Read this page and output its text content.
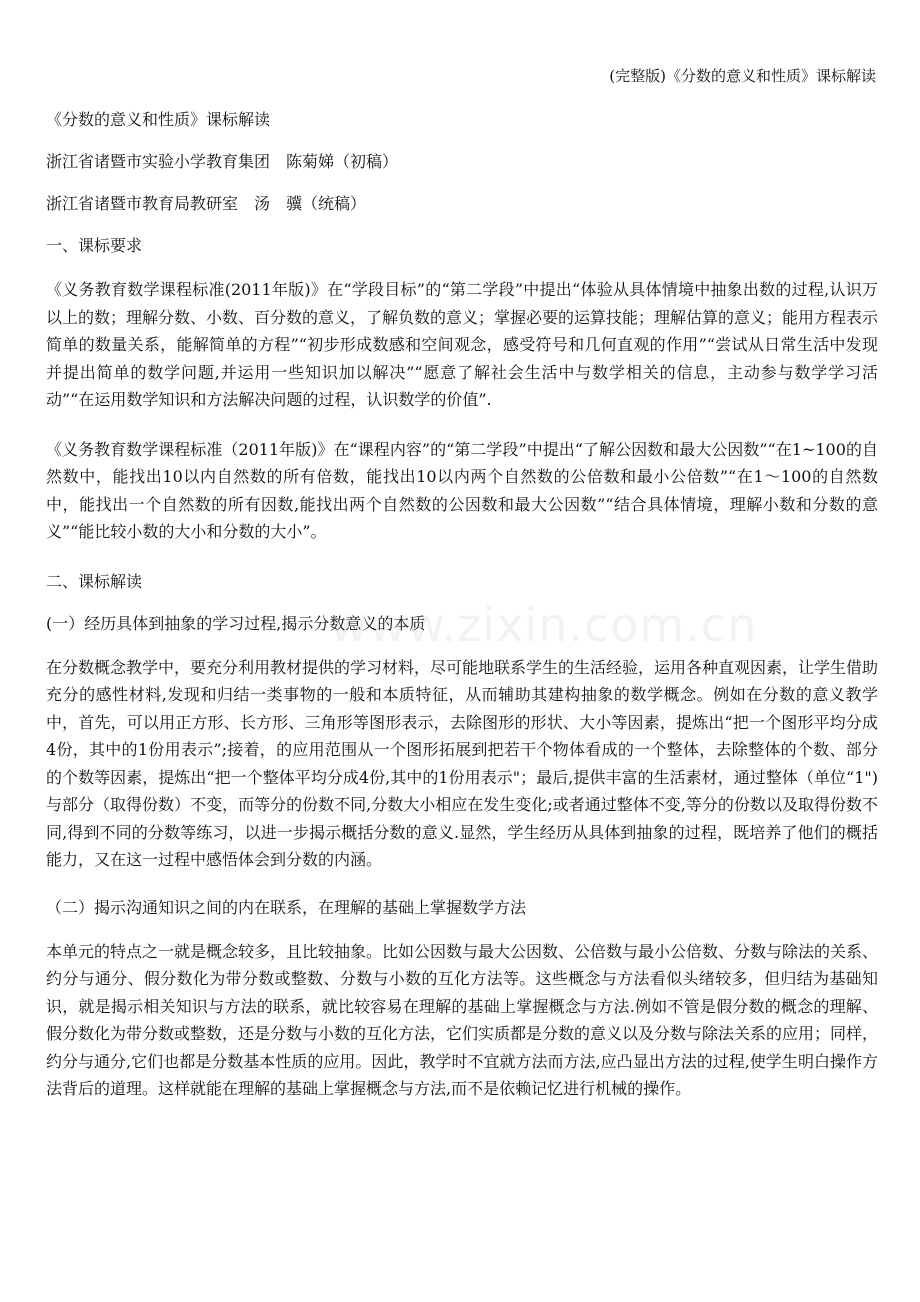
(完整版)《分数的意义和性质》课标解读

《分数的意义和性质》课标解读

浙江省诸暨市实验小学教育集团　陈菊娣（初稿）

浙江省诸暨市教育局教研室　汤　骥（统稿）

一、课标要求

《义务教育数学课程标准(2011年版)》在“学段目标”的“第二学段”中提出“体验从具体情境中抽象出数的过程,认识万以上的数；理解分数、小数、百分数的意义，了解负数的意义；掌握必要的运算技能；理解估算的意义；能用方程表示简单的数量关系，能解简单的方程”“初步形成数感和空间观念，感受符号和几何直观的作用”“尝试从日常生活中发现并提出简单的数学问题,并运用一些知识加以解决”“愿意了解社会生活中与数学相关的信息，主动参与数学学习活动”“在运用数学知识和方法解决问题的过程，认识数学的价值”.

《义务教育数学课程标准（2011年版)》在“课程内容”的“第二学段”中提出“了解公因数和最大公因数”“在1~100的自然数中，能找出10以内自然数的所有倍数，能找出10以内两个自然数的公倍数和最小公倍数”“在1～100的自然数中，能找出一个自然数的所有因数,能找出两个自然数的公因数和最大公因数”“结合具体情境，理解小数和分数的意义”“能比较小数的大小和分数的大小”。

二、课标解读

(一）经历具体到抽象的学习过程,揭示分数意义的本质

在分数概念教学中，要充分利用教材提供的学习材料，尽可能地联系学生的生活经验，运用各种直观因素，让学生借助充分的感性材料,发现和归结一类事物的一般和本质特征，从而辅助其建构抽象的数学概念。例如在分数的意义教学中，首先，可以用正方形、长方形、三角形等图形表示，去除图形的形状、大小等因素，提炼出“把一个图形平均分成4份，其中的1份用表示”;接着，的应用范围从一个图形拓展到把若干个物体看成的一个整体，去除整体的个数、部分的个数等因素，提炼出“把一个整体平均分成4份,其中的1份用表示"；最后,提供丰富的生活素材，通过整体（单位“1")与部分（取得份数）不变，而等分的份数不同,分数大小相应在发生变化;或者通过整体不变,等分的份数以及取得份数不同,得到不同的分数等练习，以进一步揭示概括分数的意义.显然，学生经历从具体到抽象的过程，既培养了他们的概括能力，又在这一过程中感悟体会到分数的内涵。

（二）揭示沟通知识之间的内在联系，在理解的基础上掌握数学方法

本单元的特点之一就是概念较多，且比较抽象。比如公因数与最大公因数、公倍数与最小公倍数、分数与除法的关系、约分与通分、假分数化为带分数或整数、分数与小数的互化方法等。这些概念与方法看似头绪较多，但归结为基础知识，就是揭示相关知识与方法的联系，就比较容易在理解的基础上掌握概念与方法.例如不管是假分数的概念的理解、假分数化为带分数或整数，还是分数与小数的互化方法，它们实质都是分数的意义以及分数与除法关系的应用；同样，约分与通分,它们也都是分数基本性质的应用。因此，教学时不宜就方法而方法,应凸显出方法的过程,使学生明白操作方法背后的道理。这样就能在理解的基础上掌握概念与方法,而不是依赖记忆进行机械的操作。

www.zixin.com.cn
